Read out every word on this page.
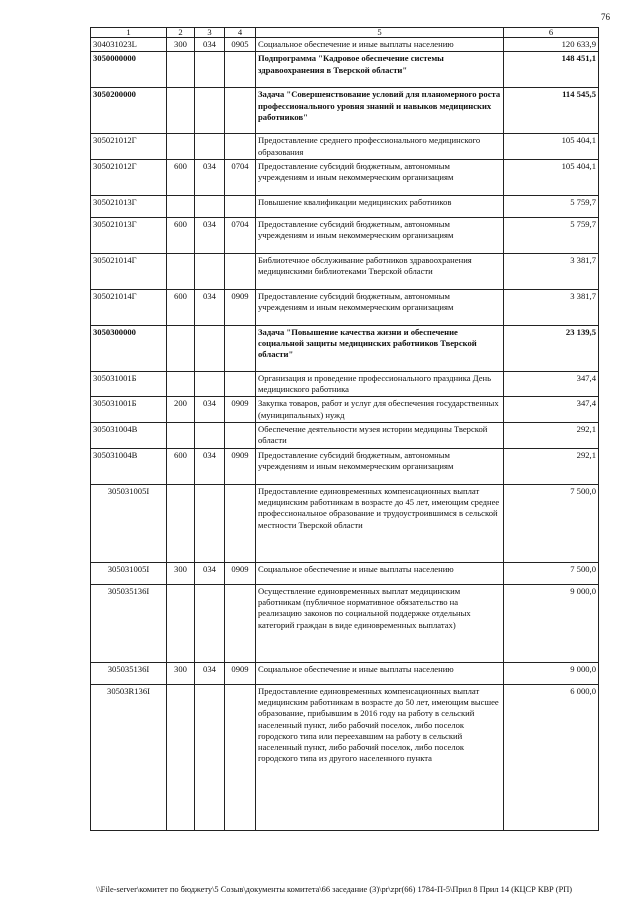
76
1	2	3	4	5	6
304031023L	300	034	0905	Социальное обеспечение и иные выплаты населению	120 633,9
3050000000				Подпрограмма "Кадровое обеспечение системы здравоохранения в Тверской области"	148 451,1
3050200000				Задача "Совершенствование условий для планомерного роста профессионального уровня знаний и навыков медицинских работников"	114 545,5
305021012Г				Предоставление среднего профессионального медицинского образования	105 404,1
305021012Г	600	034	0704	Предоставление субсидий бюджетным, автономным учреждениям и иным некоммерческим организациям	105 404,1
305021013Г				Повышение квалификации медицинских работников	5 759,7
305021013Г	600	034	0704	Предоставление субсидий бюджетным, автономным учреждениям и иным некоммерческим организациям	5 759,7
305021014Г				Библиотечное обслуживание работников здравоохранения медицинскими библиотеками Тверской области	3 381,7
305021014Г	600	034	0909	Предоставление субсидий бюджетным, автономным учреждениям и иным некоммерческим организациям	3 381,7
3050300000				Задача "Повышение качества жизни и обеспечение социальной защиты медицинских работников Тверской области"	23 139,5
305031001Б				Организация и проведение профессионального праздника День медицинского работника	347,4
305031001Б	200	034	0909	Закупка товаров, работ и услуг для обеспечения государственных (муниципальных) нужд	347,4
305031004В				Обеспечение деятельности музея истории медицины Тверской области	292,1
305031004В	600	034	0909	Предоставление субсидий бюджетным, автономным учреждениям и иным некоммерческим организациям	292,1
305031005I				Предоставление единовременных компенсационных выплат медицинским работникам в возрасте до 45 лет, имеющим среднее профессиональное образование и трудоустроившимся в сельской местности Тверской области	7 500,0
305031005I	300	034	0909	Социальное обеспечение и иные выплаты населению	7 500,0
305035136I				Осуществление единовременных выплат медицинским работникам (публичное нормативное обязательство на реализацию законов по социальной поддержке отдельных категорий граждан в виде единовременных выплатах)	9 000,0
305035136I	300	034	0909	Социальное обеспечение и иные выплаты населению	9 000,0
30503R136I				Предоставление единовременных компенсационных выплат медицинским работникам в возрасте до 50 лет, имеющим высшее образование, прибывшим в 2016 году на работу в сельский населенный пункт, либо рабочий поселок, либо поселок городского типа или переехавшим на работу в сельский населенный пункт, либо рабочий поселок, либо поселок городского типа из другого населенного пункта	6 000,0
\\File-server\комитет по бюджету\5 Созыв\документы комитета\66 заседание (3)\pr\zpr(66) 1784-П-5\Прил 8 Прил 14 (КЦСР КВР (РП)
